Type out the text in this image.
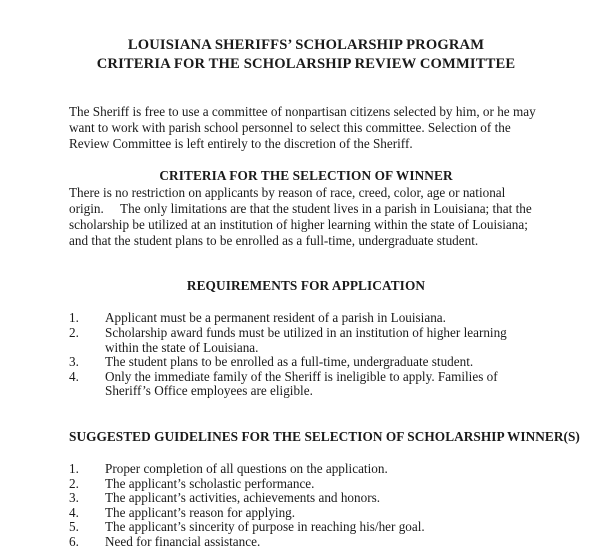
LOUISIANA SHERIFFS’ SCHOLARSHIP PROGRAM
CRITERIA FOR THE SCHOLARSHIP REVIEW COMMITTEE

The Sheriff is free to use a committee of nonpartisan citizens selected by him, or he may want to work with parish school personnel to select this committee. Selection of the Review Committee is left entirely to the discretion of the Sheriff.

CRITERIA FOR THE SELECTION OF WINNER

There is no restriction on applicants by reason of race, creed, color, age or national origin.  The only limitations are that the student lives in a parish in Louisiana; that the scholarship be utilized at an institution of higher learning within the state of Louisiana; and that the student plans to be enrolled as a full-time, undergraduate student.

REQUIREMENTS FOR APPLICATION
1.	Applicant must be a permanent resident of a parish in Louisiana.
2.	Scholarship award funds must be utilized in an institution of higher learning within the state of Louisiana.
3.	The student plans to be enrolled as a full-time, undergraduate student.
4.	Only the immediate family of the Sheriff is ineligible to apply. Families of Sheriff’s Office employees are eligible.
SUGGESTED GUIDELINES FOR THE SELECTION OF SCHOLARSHIP WINNER(S)
1.	Proper completion of all questions on the application.
2.	The applicant’s scholastic performance.
3.	The applicant’s activities, achievements and honors.
4.	The applicant’s reason for applying.
5.	The applicant’s sincerity of purpose in reaching his/her goal.
6.	Need for financial assistance.
